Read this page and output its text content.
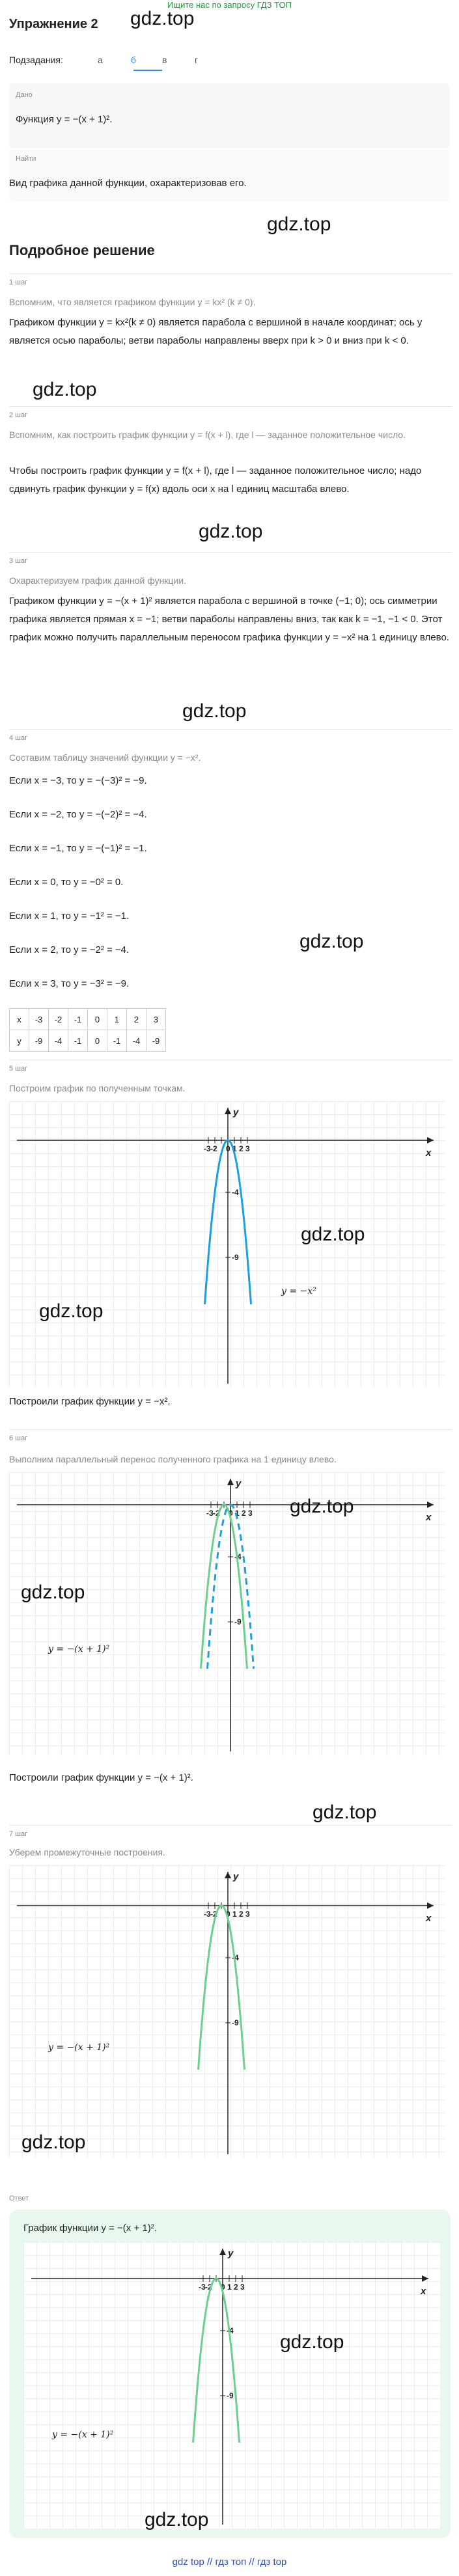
Ищите нас по запросу ГДЗ ТОП
Упражнение 2 gdz.top
Подзадания:	а	б	в	г
Дано
Функция y = −(x + 1)².
Найти
Вид графика данной функции, охарактеризовав его.
gdz.top
Подробное решение
1 шаг
Вспомним, что является графиком функции y = kx² (k ≠ 0).
Графиком функции y = kx²(k ≠ 0) является парабола с вершиной в начале координат; ось y является осью параболы; ветви параболы направлены вверх при k > 0 и вниз при k < 0.
gdz.top
2 шаг
Вспомним, как построить график функции y = f(x + l), где l — заданное положительное число.
Чтобы построить график функции y = f(x + l), где l — заданное положительное число; надо сдвинуть график функции y = f(x) вдоль оси x на l единиц масштаба влево.
gdz.top
3 шаг
Охарактеризуем график данной функции.
Графиком функции y = −(x + 1)² является парабола с вершиной в точке (−1; 0); ось симметрии графика является прямая x = −1; ветви параболы направлены вниз, так как k = −1, −1 < 0. Этот график можно получить параллельным переносом графика функции y = −x² на 1 единицу влево.
gdz.top
4 шаг
Составим таблицу значений функции y = −x².
Если x = −3, то y = −(−3)² = −9.
Если x = −2, то y = −(−2)² = −4.
Если x = −1, то y = −(−1)² = −1.
Если x = 0, то y = −0² = 0.
Если x = 1, то y = −1² = −1.
Если x = 2, то y = −2² = −4.
Если x = 3, то y = −3² = −9.
gdz.top
x	-3	-2	-1	0	1	2	3
y	-9	-4	-1	0	-1	-4	-9
5 шаг
Построим график по полученным точкам.
x
y
-3 -2 0 1 2 3
-4
-9
y = −x²
gdz.top
gdz.top
Построили график функции y = −x².
6 шаг
Выполним параллельный перенос полученного графика на 1 единицу влево.
x
y
-3 -2 0 1 2 3
-4
-9
y = −(x + 1)²
gdz.top
gdz.top
gdz.top
Построили график функции y = −(x + 1)².
7 шаг
Уберем промежуточные построения.
x
y
-3 -2 0 1 2 3
-4
-9
y = −(x + 1)²
gdz.top
Ответ
График функции y = −(x + 1)².
x
y
-3 -2 0 1 2 3
-4
-9
y = −(x + 1)²
gdz.top
gdz.top
gdz top // гдз топ // гдз top
